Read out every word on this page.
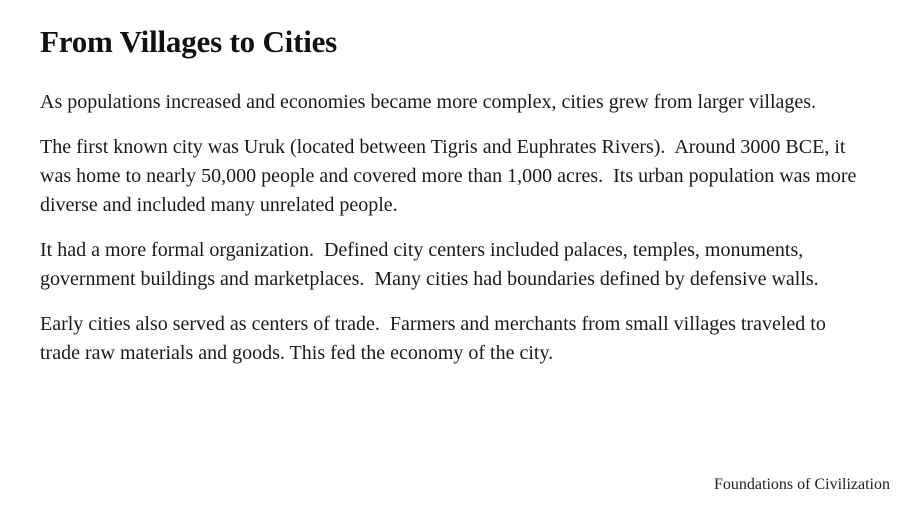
From Villages to Cities

As populations increased and economies became more complex, cities grew from larger villages.

The first known city was Uruk (located between Tigris and Euphrates Rivers).  Around 3000 BCE, it was home to nearly 50,000 people and covered more than 1,000 acres.  Its urban population was more diverse and included many unrelated people.

It had a more formal organization.  Defined city centers included palaces, temples, monuments, government buildings and marketplaces.  Many cities had boundaries defined by defensive walls.

Early cities also served as centers of trade.  Farmers and merchants from small villages traveled to trade raw materials and goods. This fed the economy of the city.

Foundations of Civilization
